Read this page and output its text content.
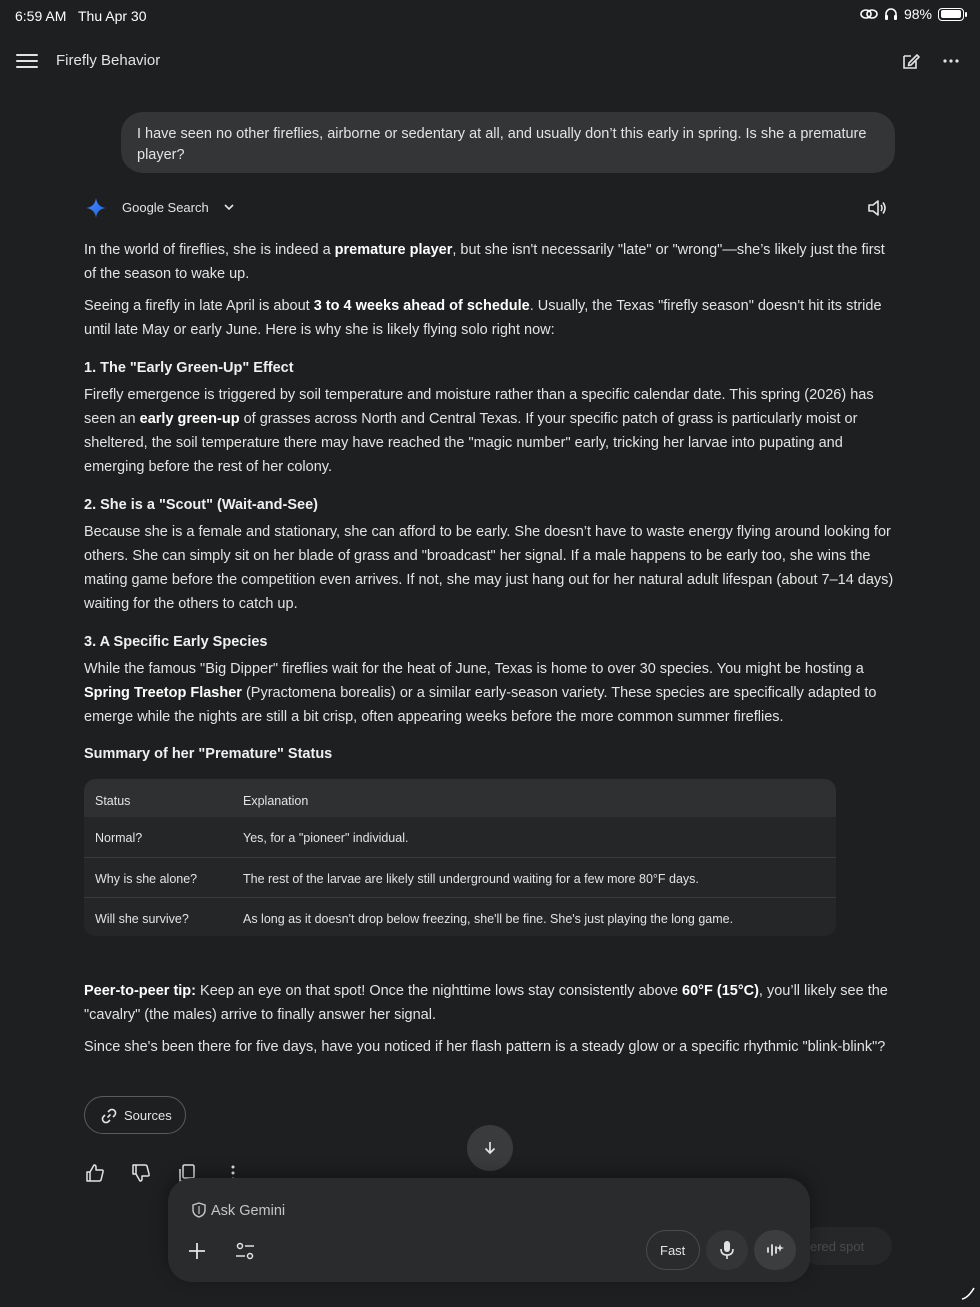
6:59 AM Thu Apr 30	98%
Firefly Behavior
I have seen no other fireflies, airborne or sedentary at all, and usually don’t this early in spring. Is she a premature player?
Google Search
In the world of fireflies, she is indeed a premature player, but she isn't necessarily "late" or "wrong"—she’s likely just the first of the season to wake up.
Seeing a firefly in late April is about 3 to 4 weeks ahead of schedule. Usually, the Texas "firefly season" doesn't hit its stride until late May or early June. Here is why she is likely flying solo right now:
1. The "Early Green-Up" Effect
Firefly emergence is triggered by soil temperature and moisture rather than a specific calendar date. This spring (2026) has seen an early green-up of grasses across North and Central Texas. If your specific patch of grass is particularly moist or sheltered, the soil temperature there may have reached the "magic number" early, tricking her larvae into pupating and emerging before the rest of her colony.
2. She is a "Scout" (Wait-and-See)
Because she is a female and stationary, she can afford to be early. She doesn’t have to waste energy flying around looking for others. She can simply sit on her blade of grass and "broadcast" her signal. If a male happens to be early too, she wins the mating game before the competition even arrives. If not, she may just hang out for her natural adult lifespan (about 7–14 days) waiting for the others to catch up.
3. A Specific Early Species
While the famous "Big Dipper" fireflies wait for the heat of June, Texas is home to over 30 species. You might be hosting a Spring Treetop Flasher (Pyractomena borealis) or a similar early-season variety. These species are specifically adapted to emerge while the nights are still a bit crisp, often appearing weeks before the more common summer fireflies.
Summary of her "Premature" Status
Status	Explanation
Normal?	Yes, for a "pioneer" individual.
Why is she alone?	The rest of the larvae are likely still underground waiting for a few more 80°F days.
Will she survive?	As long as it doesn't drop below freezing, she'll be fine. She's just playing the long game.
Peer-to-peer tip: Keep an eye on that spot! Once the nighttime lows stay consistently above 60°F (15°C), you’ll likely see the "cavalry" (the males) arrive to finally answer her signal.
Since she's been there for five days, have you noticed if her flash pattern is a steady glow or a specific rhythmic "blink-blink"?
Sources
ered spot
Ask Gemini
Fast
